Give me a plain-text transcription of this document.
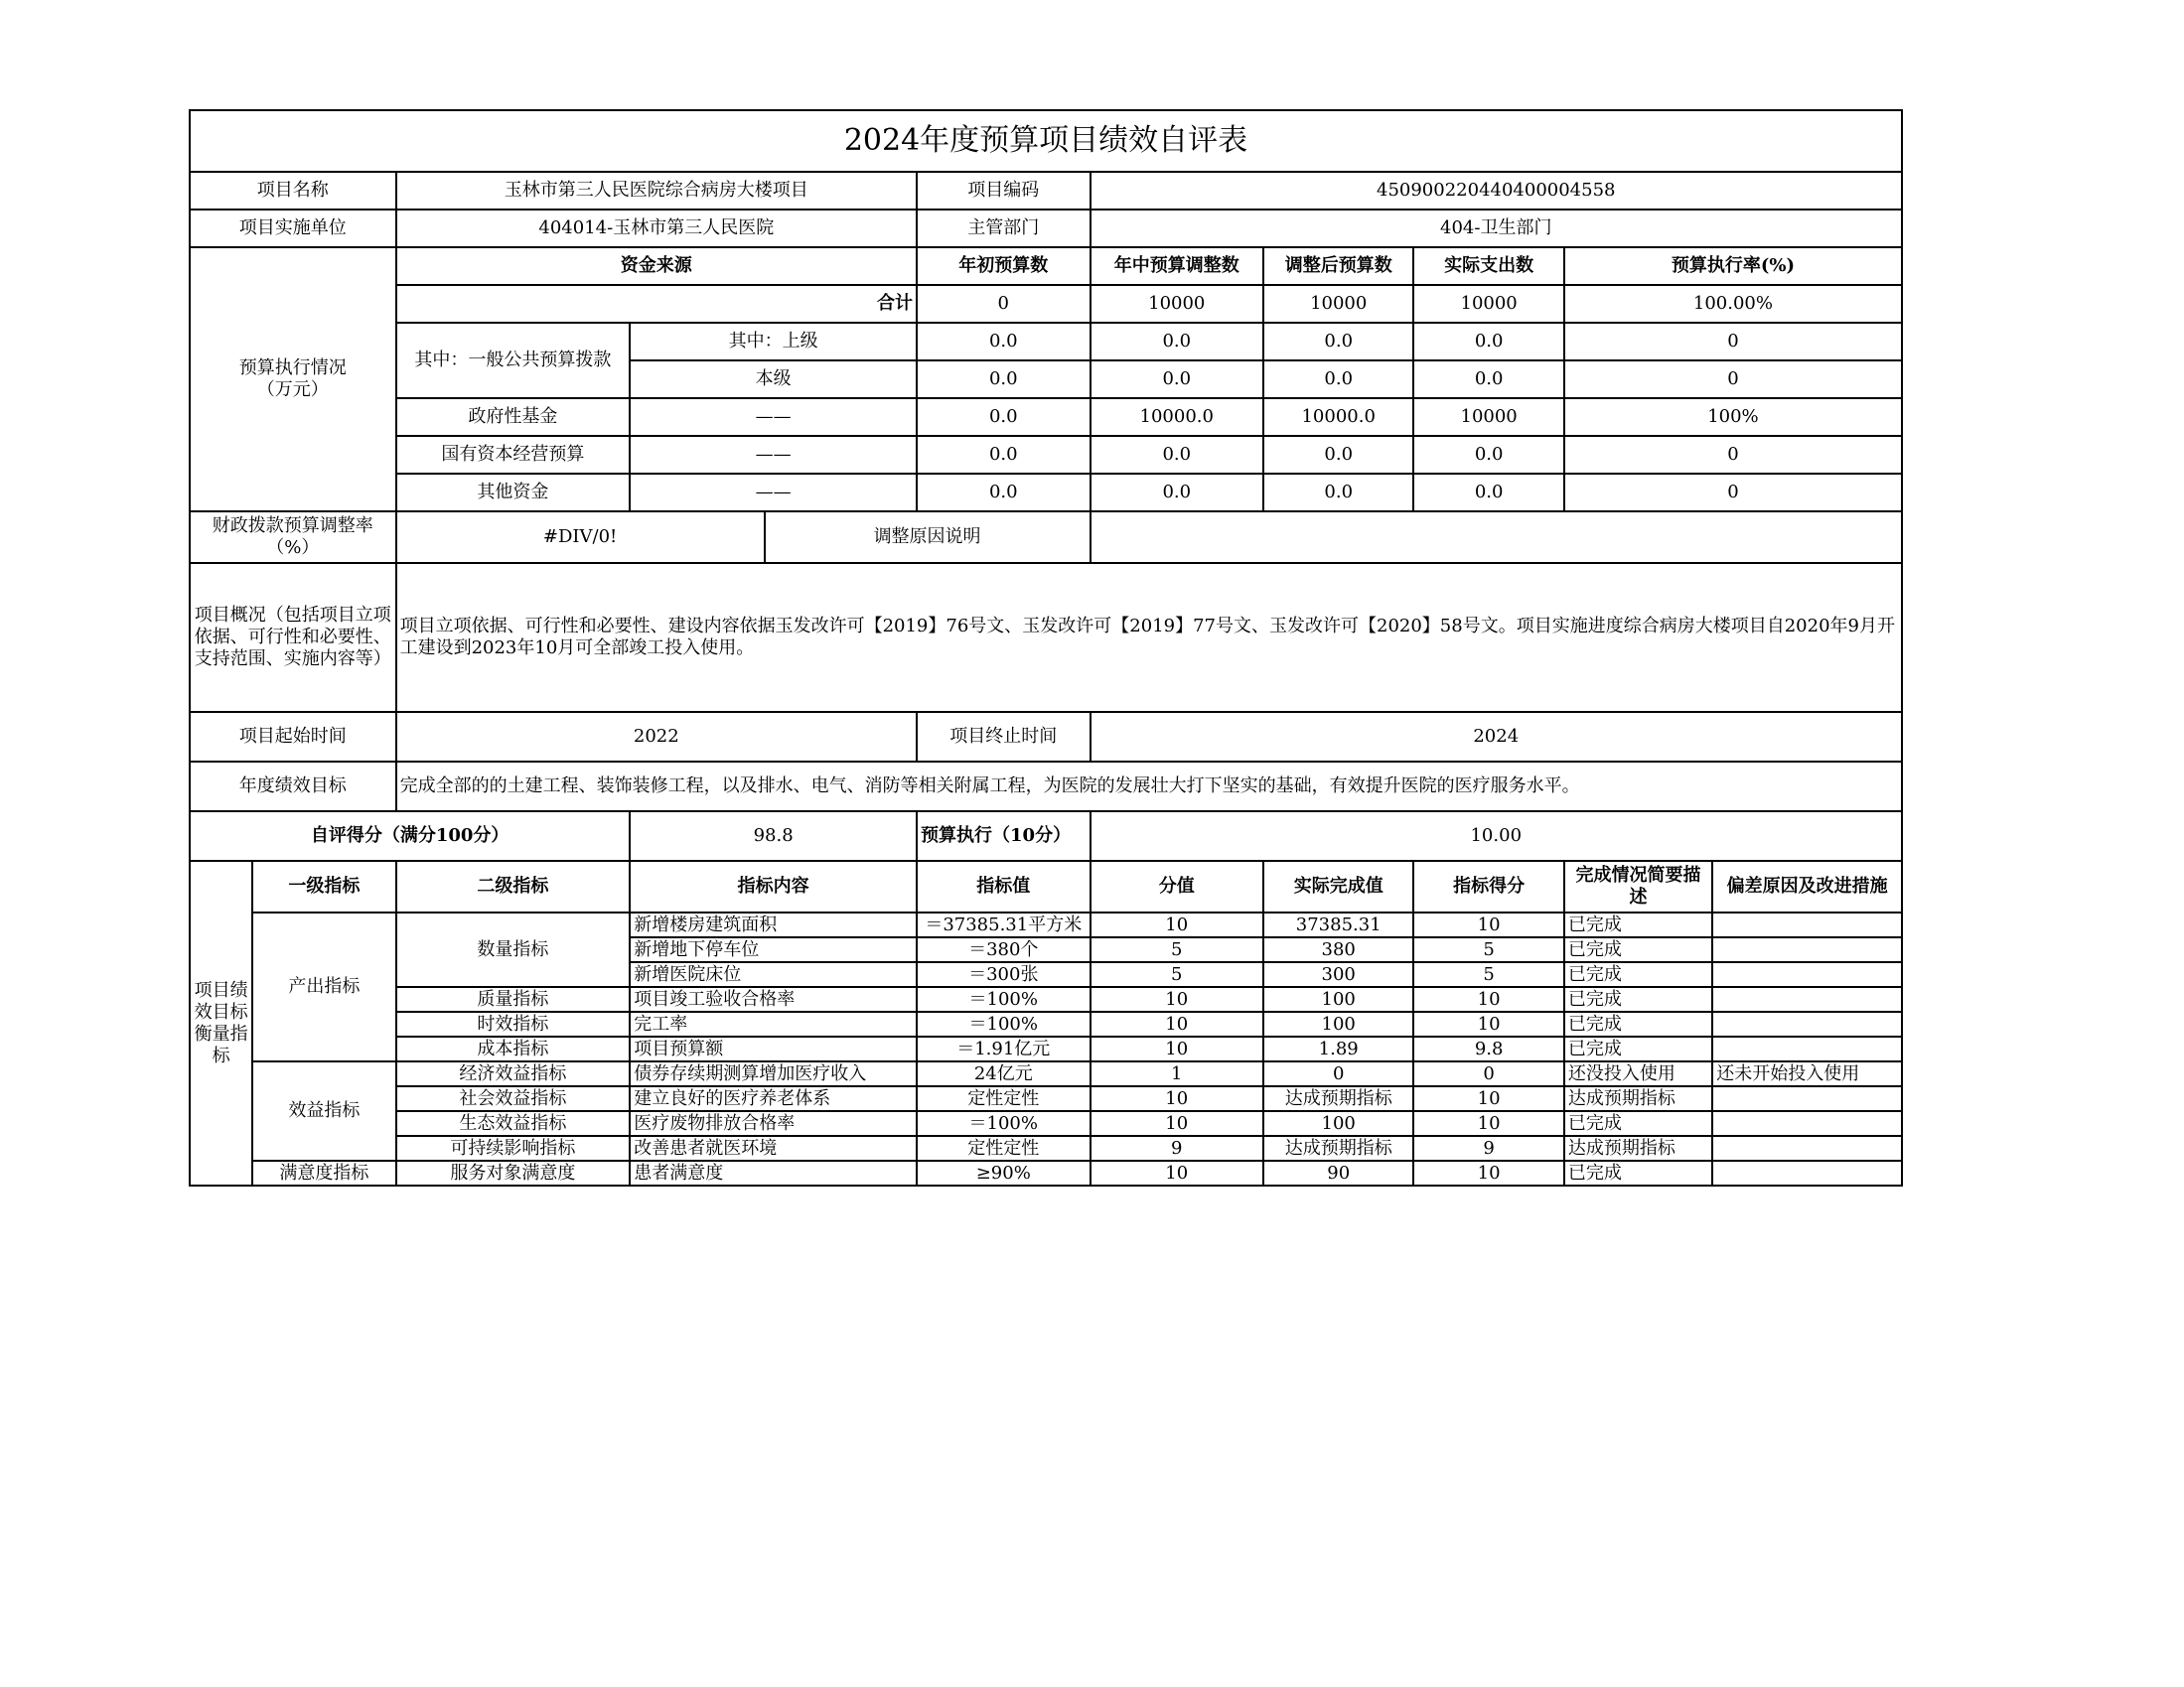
2024年度预算项目绩效自评表										
项目名称		玉林市第三人民医院综合病房大楼项目			项目编码	450900220440400004558				
项目实施单位		404014-玉林市第三人民医院			主管部门	404-卫生部门				
预算执行情况
（万元）		资金来源			年初预算数	年中预算调整数	调整后预算数	实际支出数	预算执行率(%)	
		合计			0	10000	10000	10000	100.00%	
		其中：一般公共预算拨款	其中：上级		0.0	0.0	0.0	0.0	0	
			本级		0.0	0.0	0.0	0.0	0	
		政府性基金	——		0.0	10000.0	10000.0	10000	100%	
		国有资本经营预算	——		0.0	0.0	0.0	0.0	0	
		其他资金	——		0.0	0.0	0.0	0.0	0	
财政拨款预算调整率
（%）		#DIV/0!		调整原因说明						
项目概况（包括项目立项依据、可行性和必要性、支持范围、实施内容等）		项目立项依据、可行性和必要性、建设内容依据玉发改许可【2019】76号文、玉发改许可【2019】77号文、玉发改许可【2020】58号文。项目实施进度综合病房大楼项目自2020年9月开工建设到2023年10月可全部竣工投入使用。								
项目起始时间		2022			项目终止时间	2024				
年度绩效目标		完成全部的的土建工程、装饰装修工程，以及排水、电气、消防等相关附属工程，为医院的发展壮大打下坚实的基础，有效提升医院的医疗服务水平。								
自评得分（满分100分）			98.8		预算执行（10分）	10.00				
项目绩效目标衡量指标	一级指标	二级指标	指标内容		指标值	分值	实际完成值	指标得分	完成情况简要描述	偏差原因及改进措施
	产出指标	数量指标	新增楼房建筑面积		＝37385.31平方米	10	37385.31	10	已完成	
			新增地下停车位		＝380个	5	380	5	已完成	
			新增医院床位		＝300张	5	300	5	已完成	
		质量指标	项目竣工验收合格率		＝100%	10	100	10	已完成	
		时效指标	完工率		＝100%	10	100	10	已完成	
		成本指标	项目预算额		＝1.91亿元	10	1.89	9.8	已完成	
	效益指标	经济效益指标	债券存续期测算增加医疗收入		24亿元	1	0	0	还没投入使用	还未开始投入使用
		社会效益指标	建立良好的医疗养老体系		定性定性	10	达成预期指标	10	达成预期指标	
		生态效益指标	医疗废物排放合格率		＝100%	10	100	10	已完成	
		可持续影响指标	改善患者就医环境		定性定性	9	达成预期指标	9	达成预期指标	
	满意度指标	服务对象满意度	患者满意度		≥90%	10	90	10	已完成	
